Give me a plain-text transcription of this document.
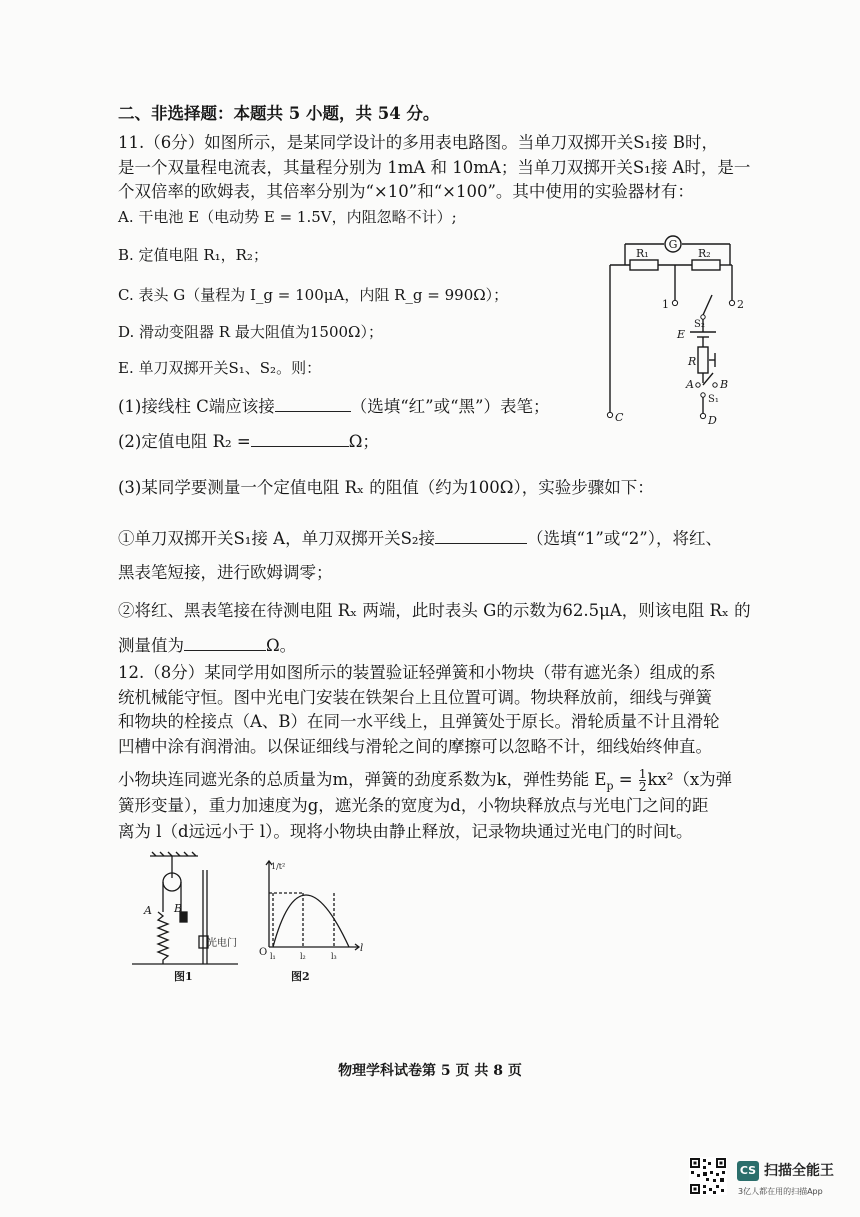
二、非选择题：本题共 5 小题，共 54 分。
11.（6分）如图所示，是某同学设计的多用表电路图。当单刀双掷开关S₁接 B时，
是一个双量程电流表，其量程分别为 1mA 和 10mA；当单刀双掷开关S₁接 A时，是一
个双倍率的欧姆表，其倍率分别为“×10”和“×100”。其中使用的实验器材有：
A. 干电池 E（电动势 E = 1.5V，内阻忽略不计）;
B. 定值电阻 R₁，R₂；
C. 表头 G（量程为 I_g = 100μA，内阻 R_g = 990Ω）；
D. 滑动变阻器 R 最大阻值为1500Ω）；
E. 单刀双掷开关S₁、S₂。则：
(1)接线柱 C端应该接	（选填“红”或“黑”）表笔；
(2)定值电阻 R₂ =	Ω；
(3)某同学要测量一个定值电阻 Rₓ 的阻值（约为100Ω），实验步骤如下：
①单刀双掷开关S₁接 A，单刀双掷开关S₂接	（选填“1”或“2”），将红、
黑表笔短接，进行欧姆调零；
②将红、黑表笔接在待测电阻 Rₓ 两端，此时表头 G的示数为62.5μA，则该电阻 Rₓ 的
测量值为	Ω。
12.（8分）某同学用如图所示的装置验证轻弹簧和小物块（带有遮光条）组成的系
统机械能守恒。图中光电门安装在铁架台上且位置可调。物块释放前，细线与弹簧
和物块的栓接点（A、B）在同一水平线上，且弹簧处于原长。滑轮质量不计且滑轮
凹槽中涂有润滑油。以保证细线与滑轮之间的摩擦可以忽略不计，细线始终伸直。
小物块连同遮光条的总质量为m，弹簧的劲度系数为k，弹性势能 $E_p = \frac{1}{2} kx^2(x$为弹
簧形变量），重力加速度为g，遮光条的宽度为d，小物块释放点与光电门之间的距
离为 l（d远远小于 l）。现将小物块由静止释放，记录物块通过光电门的时间t。
G
R₁	R₂
1	2
S₂
E
R
A B
S₁
C	D
A B
光电门
图1
1/t²
O l₁	l₂	l₃
l
图2
物理学科试卷第 5 页 共 8 页
CS 扫描全能王
3亿人都在用的扫描App
